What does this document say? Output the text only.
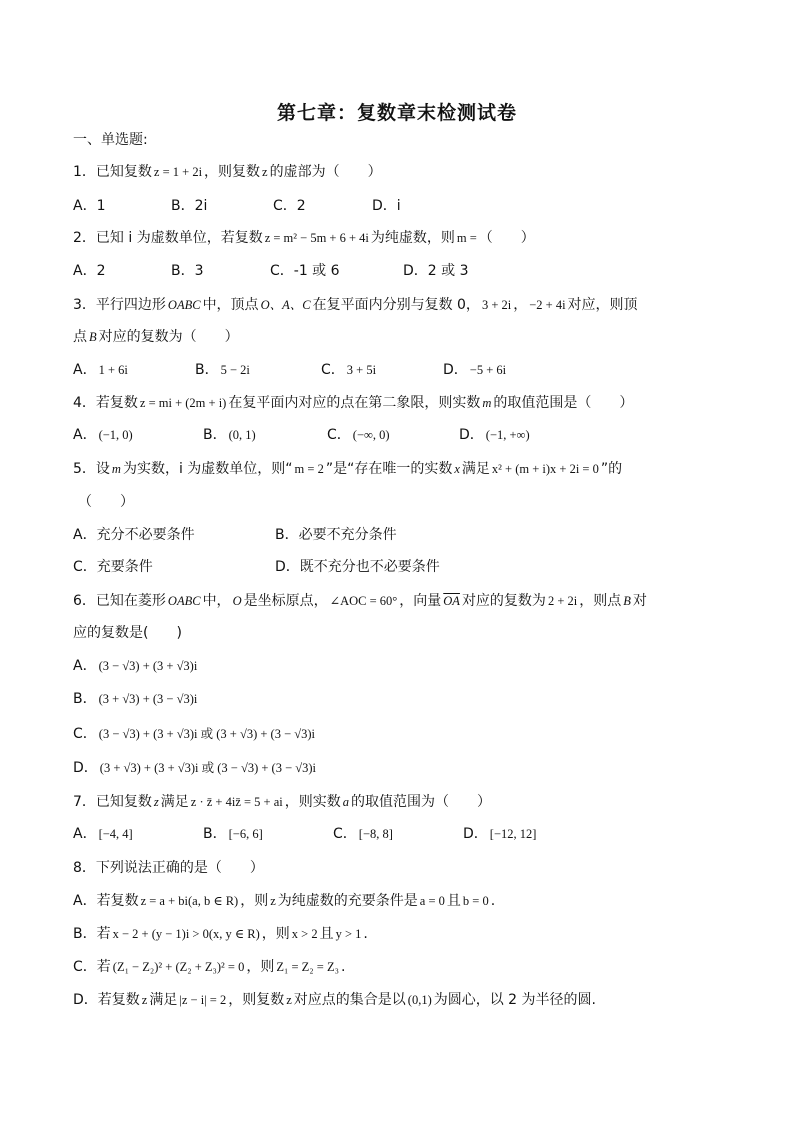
第七章：复数章末检测试卷
一、单选题:
1．已知复数 z = 1 + 2i ，则复数 z 的虚部为（　　）
A．1	B．2i	C．2	D．i
2．已知 i 为虚数单位，若复数 z = m² − 5m + 6 + 4i 为纯虚数，则 m = （　　）
A．2	B．3	C．-1 或 6	D．2 或 3
3．平行四边形 OABC 中，顶点 O、A、C 在复平面内分别与复数 0， 3 + 2i ， −2 + 4i 对应，则顶
点 B 对应的复数为（　　）
A． 1 + 6i	B． 5 − 2i	C． 3 + 5i	D． −5 + 6i
4．若复数 z = mi + (2m + i) 在复平面内对应的点在第二象限，则实数 m 的取值范围是（　　）
A． (−1, 0)	B． (0, 1)	C． (−∞, 0)	D． (−1, +∞)
5．设 m 为实数，i 为虚数单位，则“ m = 2 ”是“存在唯一的实数 x 满足 x² + (m + i)x + 2i = 0 ”的
（　　）
A．充分不必要条件	B．必要不充分条件
C．充要条件	D．既不充分也不必要条件
6．已知在菱形 OABC 中， O 是坐标原点， ∠AOC = 60° ，向量 $\overline{OA}$ 对应的复数为 2 + 2i ，则点 B 对
应的复数是(　　)
A． (3 − √3) + (3 + √3)i
B． (3 + √3) + (3 − √3)i
C． (3 − √3) + (3 + √3)i 或 (3 + √3) + (3 − √3)i
D． (3 + √3) + (3 + √3)i 或 (3 − √3) + (3 − √3)i
7．已知复数 z 满足 z · z̄ + 4iz̄ = 5 + ai ，则实数 a 的取值范围为（　　）
A． [−4, 4]	B． [−6, 6]	C． [−8, 8]	D． [−12, 12]
8．下列说法正确的是（　　）
A．若复数 z = a + bi(a, b ∈ R) ，则 z 为纯虚数的充要条件是 a = 0 且 b = 0 .
B．若 x − 2 + (y − 1)i > 0(x, y ∈ R) ，则 x > 2 且 y > 1 .
C．若 (Z₁ − Z₂)² + (Z₂ + Z₃)² = 0 ，则 Z₁ = Z₂ = Z₃ .
D．若复数 z 满足 |z − i| = 2 ，则复数 z 对应点的集合是以 (0,1) 为圆心，以 2 为半径的圆.
